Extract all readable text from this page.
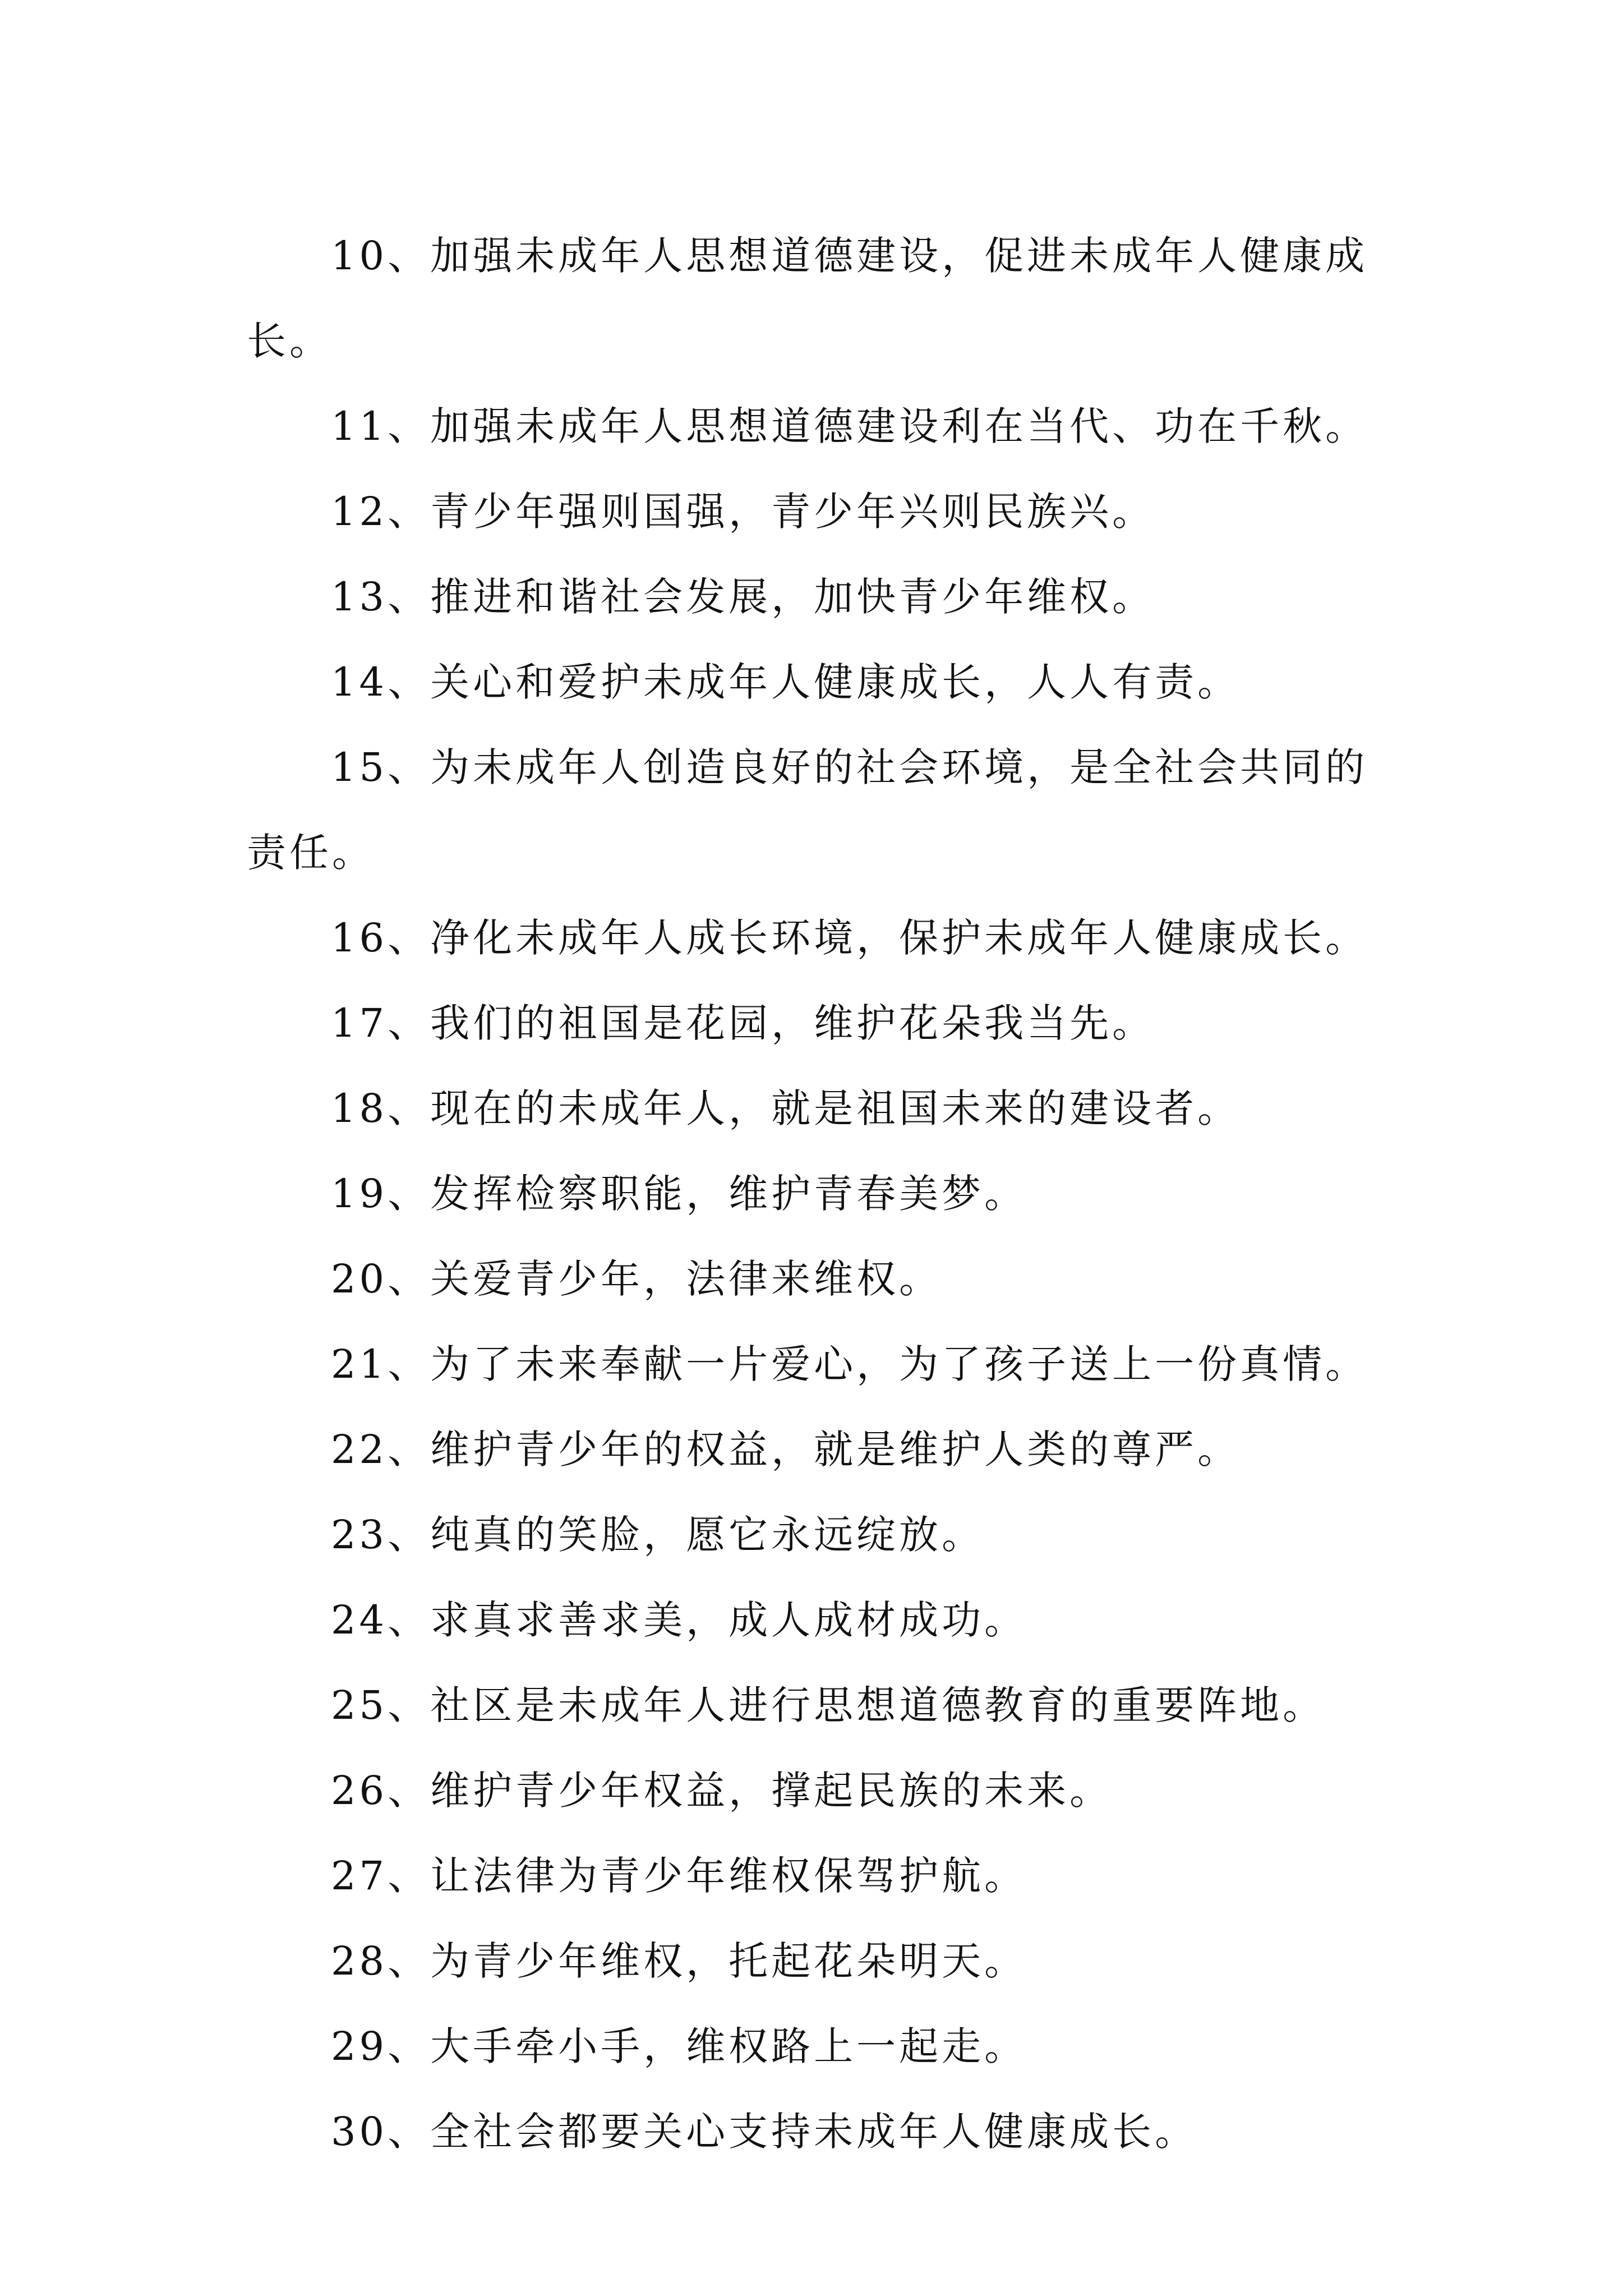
10、加强未成年人思想道德建设，促进未成年人健康成长。

11、加强未成年人思想道德建设利在当代、功在千秋。

12、青少年强则国强，青少年兴则民族兴。

13、推进和谐社会发展，加快青少年维权。

14、关心和爱护未成年人健康成长，人人有责。

15、为未成年人创造良好的社会环境，是全社会共同的责任。

16、净化未成年人成长环境，保护未成年人健康成长。

17、我们的祖国是花园，维护花朵我当先。

18、现在的未成年人，就是祖国未来的建设者。

19、发挥检察职能，维护青春美梦。

20、关爱青少年，法律来维权。

21、为了未来奉献一片爱心，为了孩子送上一份真情。

22、维护青少年的权益，就是维护人类的尊严。

23、纯真的笑脸，愿它永远绽放。

24、求真求善求美，成人成材成功。

25、社区是未成年人进行思想道德教育的重要阵地。

26、维护青少年权益，撑起民族的未来。

27、让法律为青少年维权保驾护航。

28、为青少年维权，托起花朵明天。

29、大手牵小手，维权路上一起走。

30、全社会都要关心支持未成年人健康成长。
